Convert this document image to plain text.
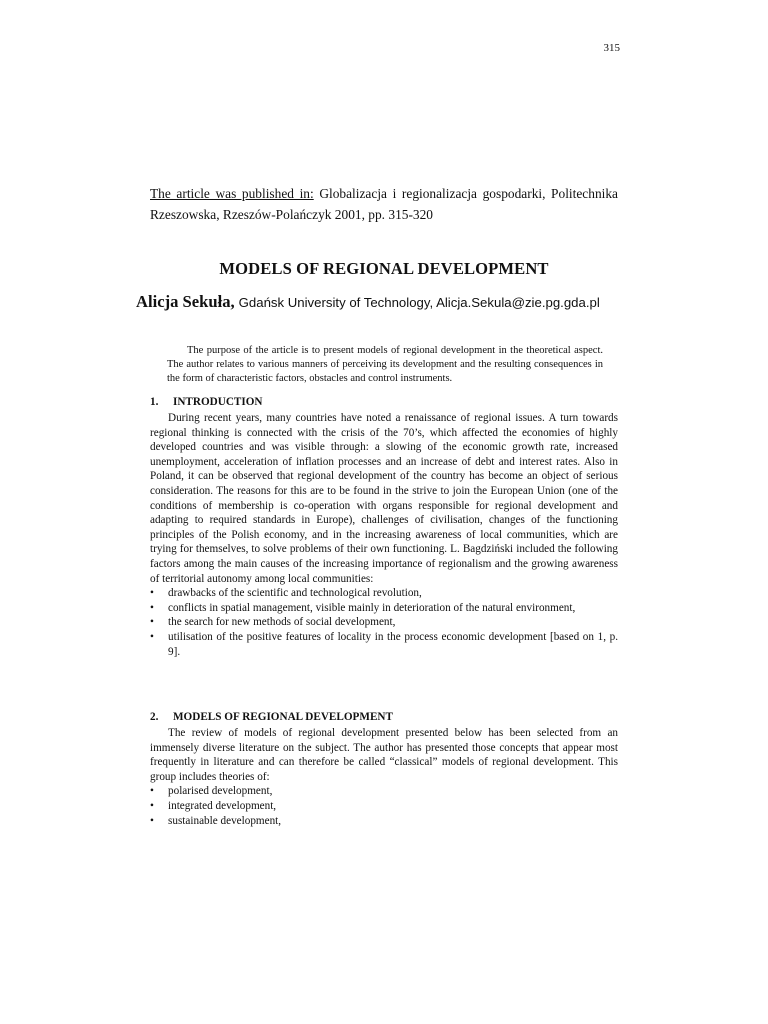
315
The article was published in: Globalizacja i regionalizacja gospodarki, Politechnika Rzeszowska, Rzeszów-Polańczyk 2001, pp. 315-320
MODELS OF REGIONAL DEVELOPMENT
Alicja Sekuła, Gdańsk University of Technology, Alicja.Sekula@zie.pg.gda.pl

The purpose of the article is to present models of regional development in the theoretical aspect. The author relates to various manners of perceiving its development and the resulting consequences in the form of characteristic factors, obstacles and control instruments.

1. INTRODUCTION

During recent years, many countries have noted a renaissance of regional issues. A turn towards regional thinking is connected with the crisis of the 70’s, which affected the economies of highly developed countries and was visible through: a slowing of the economic growth rate, increased unemployment, acceleration of inflation processes and an increase of debt and interest rates. Also in Poland, it can be observed that regional development of the country has become an object of serious consideration. The reasons for this are to be found in the strive to join the European Union (one of the conditions of membership is co-operation with organs responsible for regional development and adapting to required standards in Europe), challenges of civilisation, changes of the functioning principles of the Polish economy, and in the increasing awareness of local communities, which are trying for themselves, to solve problems of their own functioning. L. Bagdziński included the following factors among the main causes of the increasing importance of regionalism and the growing awareness of territorial autonomy among local communities:

• drawbacks of the scientific and technological revolution,
• conflicts in spatial management, visible mainly in deterioration of the natural environment,
• the search for new methods of social development,
• utilisation of the positive features of locality in the process economic development [based on 1, p. 9].
2. MODELS OF REGIONAL DEVELOPMENT

The review of models of regional development presented below has been selected from an immensely diverse literature on the subject. The author has presented those concepts that appear most frequently in literature and can therefore be called “classical” models of regional development. This group includes theories of:

• polarised development,
• integrated development,
• sustainable development,
